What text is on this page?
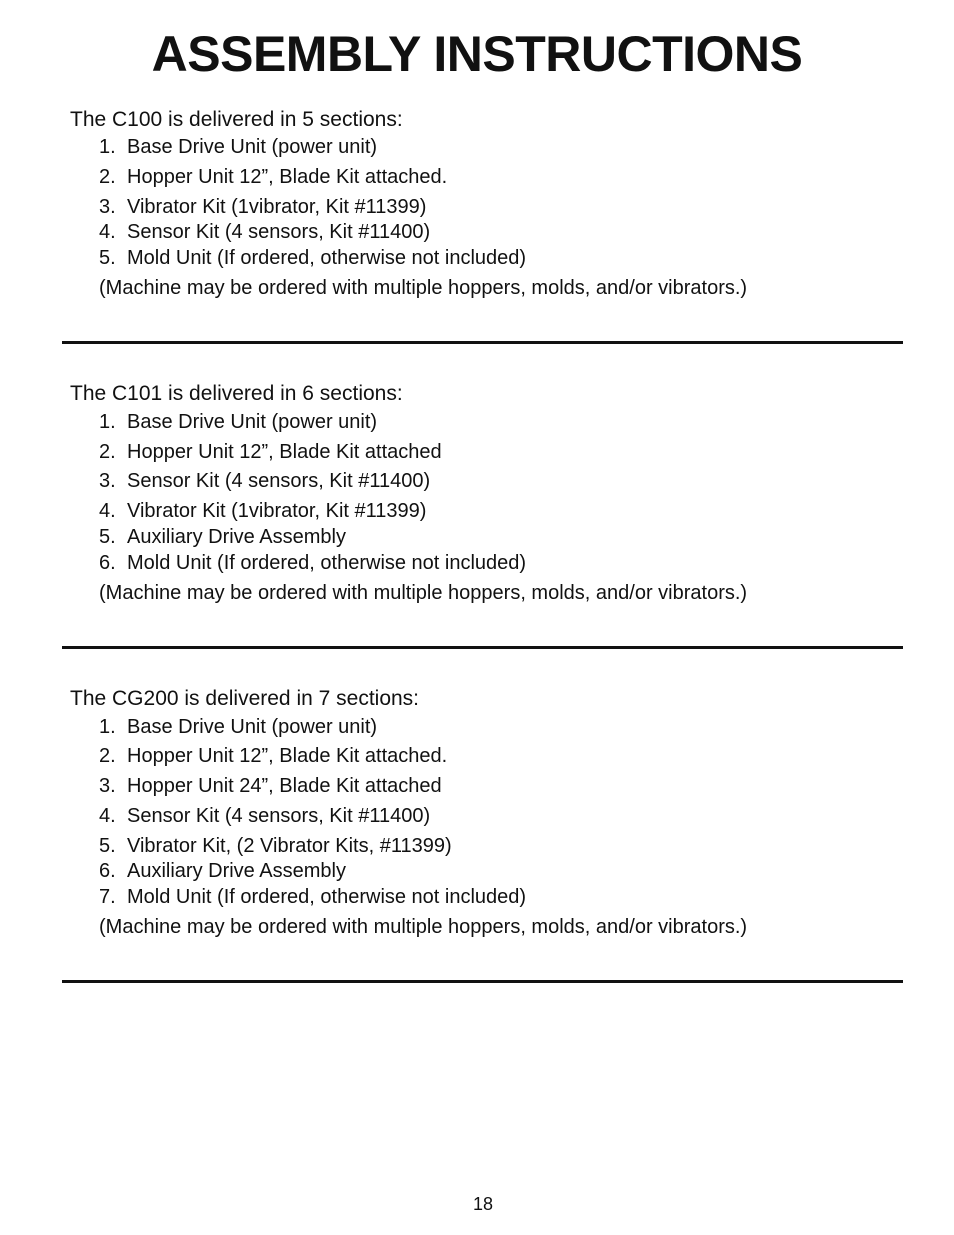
ASSEMBLY INSTRUCTIONS
The C100 is delivered in 5 sections:
1. Base Drive Unit (power unit)
2. Hopper Unit 12”, Blade Kit attached.
3. Vibrator Kit (1vibrator, Kit #11399)
4. Sensor Kit (4 sensors, Kit #11400)
5. Mold Unit (If ordered, otherwise not included)
(Machine may be ordered with multiple hoppers, molds, and/or vibrators.)
The C101 is delivered in 6 sections:
1. Base Drive Unit (power unit)
2. Hopper Unit 12”, Blade Kit attached
3. Sensor Kit (4 sensors, Kit #11400)
4. Vibrator Kit (1vibrator, Kit #11399)
5. Auxiliary Drive Assembly
6. Mold Unit (If ordered, otherwise not included)
(Machine may be ordered with multiple hoppers, molds, and/or vibrators.)
The CG200 is delivered in 7 sections:
1. Base Drive Unit (power unit)
2. Hopper Unit 12”, Blade Kit attached.
3. Hopper Unit 24”, Blade Kit attached
4. Sensor Kit (4 sensors, Kit #11400)
5. Vibrator Kit, (2 Vibrator Kits, #11399)
6. Auxiliary Drive Assembly
7. Mold Unit (If ordered, otherwise not included)
(Machine may be ordered with multiple hoppers, molds, and/or vibrators.)
18
